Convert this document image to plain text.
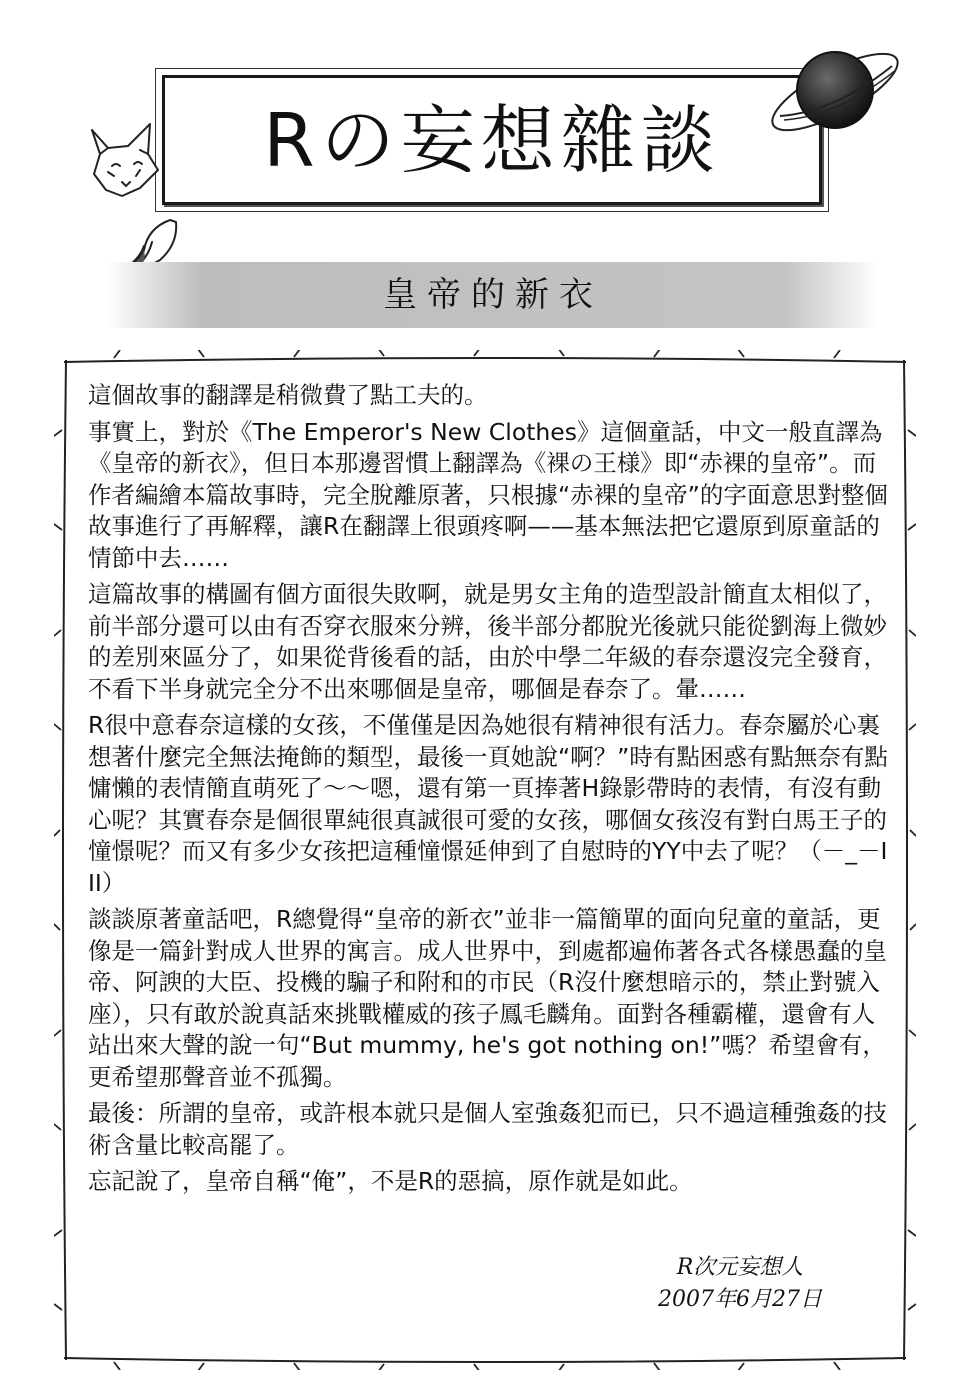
Rの妄想雜談
皇帝的新衣

這個故事的翻譯是稍微費了點工夫的。

事實上，對於《The Emperor's New Clothes》這個童話，中文一般直譯為《皇帝的新衣》，但日本那邊習慣上翻譯為《裸の王様》即“赤裸的皇帝”。而作者編繪本篇故事時，完全脫離原著，只根據“赤裸的皇帝”的字面意思對整個故事進行了再解釋，讓R在翻譯上很頭疼啊——基本無法把它還原到原童話的情節中去……

這篇故事的構圖有個方面很失敗啊，就是男女主角的造型設計簡直太相似了，前半部分還可以由有否穿衣服來分辨，後半部分都脫光後就只能從劉海上微妙的差別來區分了，如果從背後看的話，由於中學二年級的春奈還沒完全發育，不看下半身就完全分不出來哪個是皇帝，哪個是春奈了。暈……

R很中意春奈這樣的女孩，不僅僅是因為她很有精神很有活力。春奈屬於心裏想著什麼完全無法掩飾的類型，最後一頁她說“啊？”時有點困惑有點無奈有點慵懶的表情簡直萌死了～～嗯，還有第一頁捧著H錄影帶時的表情，有沒有動心呢？其實春奈是個很單純很真誠很可愛的女孩，哪個女孩沒有對白馬王子的憧憬呢？而又有多少女孩把這種憧憬延伸到了自慰時的YY中去了呢？（－_－III）

談談原著童話吧，R總覺得“皇帝的新衣”並非一篇簡單的面向兒童的童話，更像是一篇針對成人世界的寓言。成人世界中，到處都遍佈著各式各樣愚蠢的皇帝、阿諛的大臣、投機的騙子和附和的市民（R沒什麼想暗示的，禁止對號入座），只有敢於說真話來挑戰權威的孩子鳳毛麟角。面對各種霸權，還會有人站出來大聲的說一句“But mummy, he's got nothing on!”嗎？希望會有，更希望那聲音並不孤獨。

最後：所謂的皇帝，或許根本就只是個人室強姦犯而已，只不過這種強姦的技術含量比較高罷了。

忘記說了，皇帝自稱“俺”，不是R的惡搞，原作就是如此。

R次元妄想人
2007年6月27日
